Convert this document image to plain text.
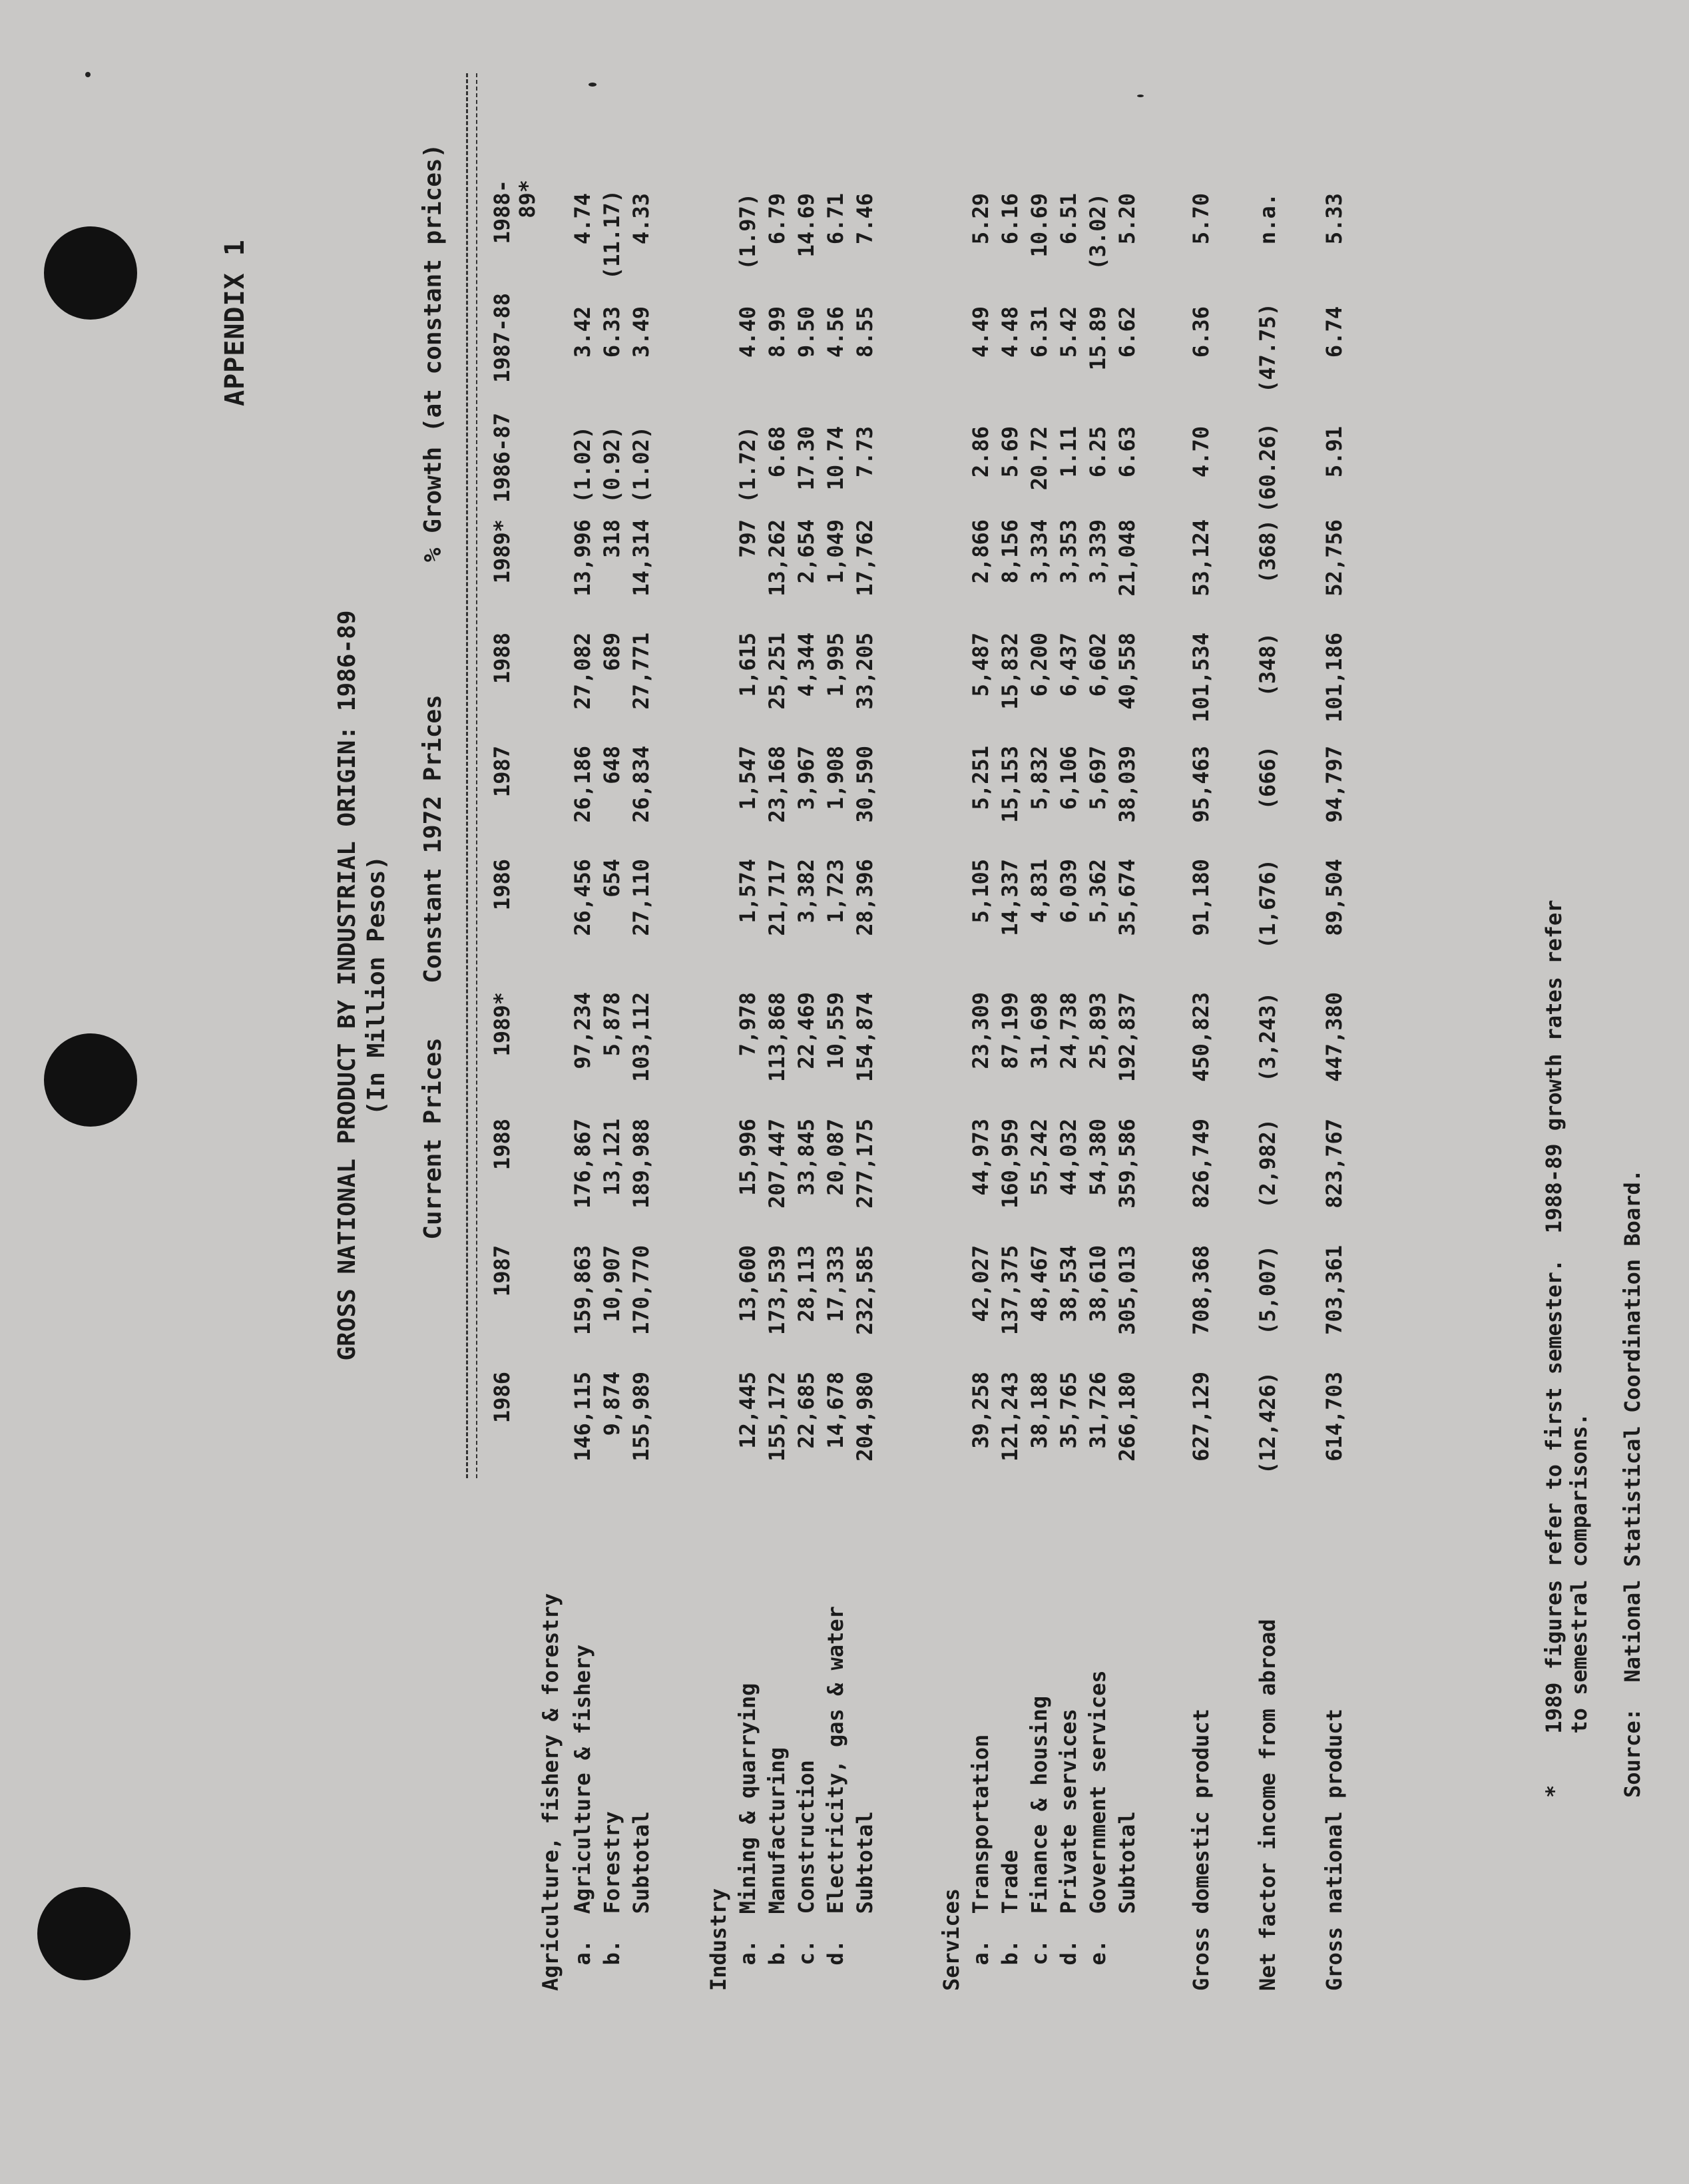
APPENDIX 1
GROSS NATIONAL PRODUCT BY INDUSTRIAL ORIGIN: 1986-89 (In Million Pesos)
Current Prices
Constant 1972 Prices
% Growth (at constant prices)
1986
1987
1988
1989*
1986
1987
1988
1989*
1986-87
1987-88
1988-89*
Agriculture, fishery & forestry a.  Agriculture & fishery
146,115
159,863
176,867
97,234
26,456
26,186
27,082
13,996
(1.02)
3.42
4.74
b.  Forestry
9,874
10,907
13,121
5,878
654
648
689
318
(0.92)
6.33
(11.17)
Subtotal
155,989
170,770
189,988
103,112
27,110
26,834
27,771
14,314
(1.02)
3.49
4.33
Industry a.  Mining & quarrying
12,445
13,600
15,996
7,978
1,574
1,547
1,615
797
(1.72)
4.40
(1.97)
b.  Manufacturing
155,172
173,539
207,447
113,868
21,717
23,168
25,251
13,262
6.68
8.99
6.79
c.  Construction
22,685
28,113
33,845
22,469
3,382
3,967
4,344
2,654
17.30
9.50
14.69
d.  Electricity, gas & water
14,678
17,333
20,087
10,559
1,723
1,908
1,995
1,049
10.74
4.56
6.71
Subtotal
204,980
232,585
277,175
154,874
28,396
30,590
33,205
17,762
7.73
8.55
7.46
Services a.  Transportation
39,258
42,027
44,973
23,309
5,105
5,251
5,487
2,866
2.86
4.49
5.29
b.  Trade
121,243
137,375
160,959
87,199
14,337
15,153
15,832
8,156
5.69
4.48
6.16
c.  Finance & housing
38,188
48,467
55,242
31,698
4,831
5,832
6,200
3,334
20.72
6.31
10.69
d.  Private services
35,765
38,534
44,032
24,738
6,039
6,106
6,437
3,353
1.11
5.42
6.51
e.  Government services
31,726
38,610
54,380
25,893
5,362
5,697
6,602
3,339
6.25
15.89
(3.02)
Subtotal
266,180
305,013
359,586
192,837
35,674
38,039
40,558
21,048
6.63
6.62
5.20
Gross domestic product
627,129
708,368
826,749
450,823
91,180
95,463
101,534
53,124
4.70
6.36
5.70
Net factor income from abroad
(12,426)
(5,007)
(2,982)
(3,243)
(1,676)
(666)
(348)
(368)
(60.26)
(47.75)
n.a.
Gross national product
614,703
703,361
823,767
447,380
89,504
94,797
101,186
52,756
5.91
6.74
5.33
*    1989 figures refer to first semester.  1988-89 growth rates refer
to semestral comparisons. Source:  National Statistical Coordination Board.
